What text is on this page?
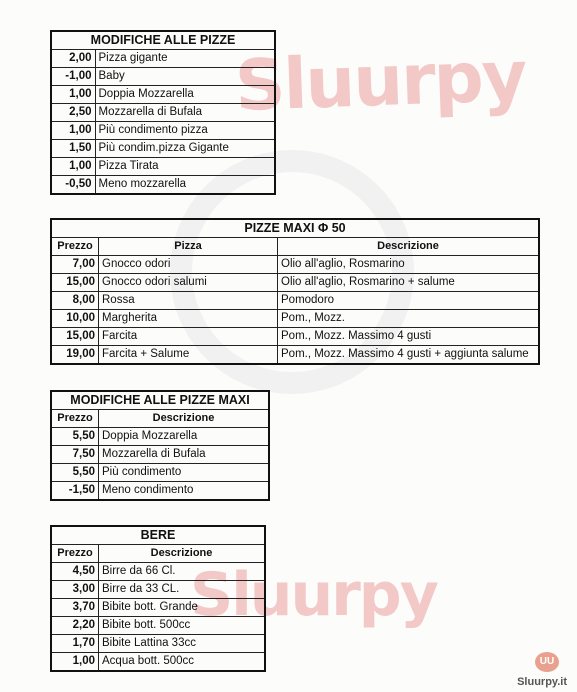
Sluurpy
Sluurpy
MODIFICHE ALLE PIZZE	
2,00	Pizza gigante
-1,00	Baby
1,00	Doppia Mozzarella
2,50	Mozzarella di Bufala
1,00	Più condimento pizza
1,50	Più condim.pizza Gigante
1,00	Pizza Tirata
-0,50	Meno mozzarella
PIZZE MAXI Φ 50		
Prezzo	Pizza	Descrizione
7,00	Gnocco odori	Olio all'aglio, Rosmarino
15,00	Gnocco odori salumi	Olio all'aglio, Rosmarino + salume
8,00	Rossa	Pomodoro
10,00	Margherita	Pom., Mozz.
15,00	Farcita	Pom., Mozz. Massimo 4 gusti
19,00	Farcita + Salume	Pom., Mozz. Massimo 4 gusti + aggiunta salume
MODIFICHE ALLE PIZZE MAXI	
Prezzo	Descrizione
5,50	Doppia Mozzarella
7,50	Mozzarella di Bufala
5,50	Più condimento
-1,50	Meno condimento
BERE	
Prezzo	Descrizione
4,50	Birre da 66 Cl.
3,00	Birre da 33 CL.
3,70	Bibite bott. Grande
2,20	Bibite bott. 500cc
1,70	Bibite Lattina 33cc
1,00	Acqua bott. 500cc	UU
Sluurpy.it
